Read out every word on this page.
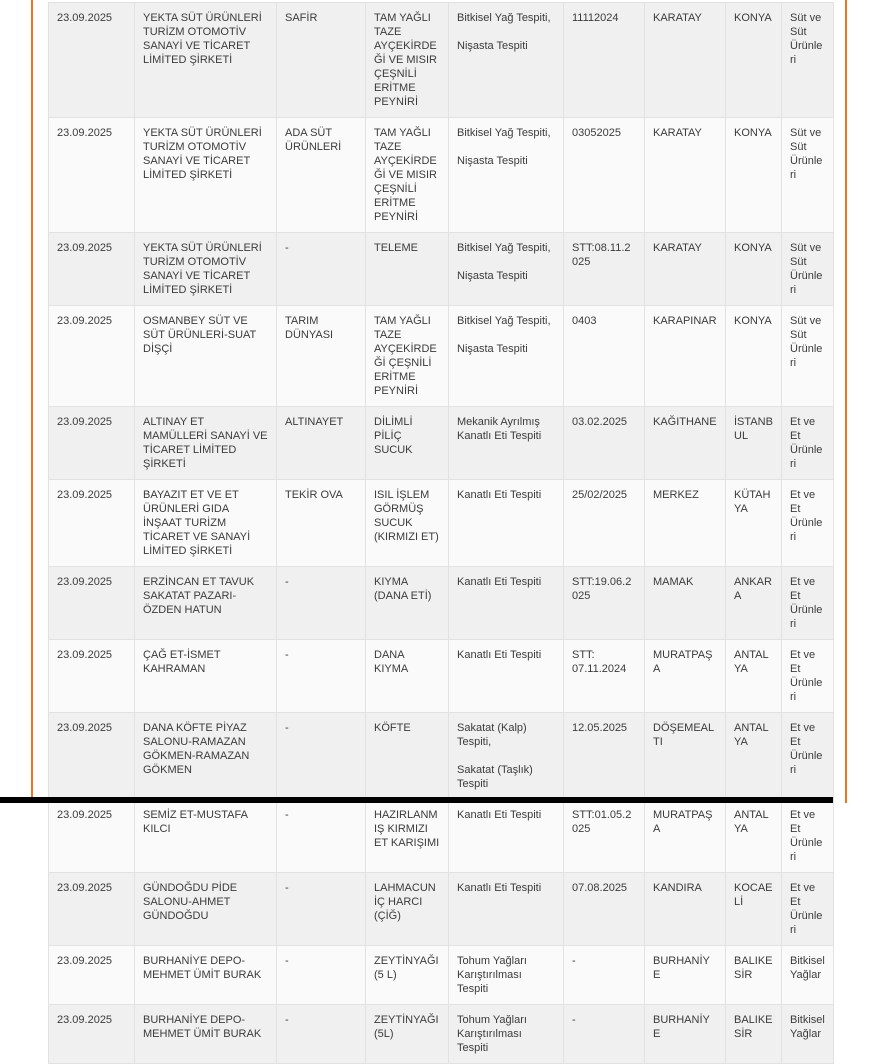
23.09.2025	YEKTA SÜT ÜRÜNLERİ TURİZM OTOMOTİV SANAYİ VE TİCARET LİMİTED ŞİRKETİ	SAFİR	TAM YAĞLI TAZE AYÇEKİRDEĞİ VE MISIR ÇEŞNİLİ ERİTME PEYNİRİ	Bitkisel Yağ Tespiti,

Nişasta Tespiti	11112024	KARATAY	KONYA	Süt ve Süt Ürünleri
23.09.2025	YEKTA SÜT ÜRÜNLERİ TURİZM OTOMOTİV SANAYİ VE TİCARET LİMİTED ŞİRKETİ	ADA SÜT ÜRÜNLERİ	TAM YAĞLI TAZE AYÇEKİRDEĞİ VE MISIR ÇEŞNİLİ ERİTME PEYNİRİ	Bitkisel Yağ Tespiti,

Nişasta Tespiti	03052025	KARATAY	KONYA	Süt ve Süt Ürünleri
23.09.2025	YEKTA SÜT ÜRÜNLERİ TURİZM OTOMOTİV SANAYİ VE TİCARET LİMİTED ŞİRKETİ	-	TELEME	Bitkisel Yağ Tespiti,

Nişasta Tespiti	STT:08.11.2025	KARATAY	KONYA	Süt ve Süt Ürünleri
23.09.2025	OSMANBEY SÜT VE SÜT ÜRÜNLERİ-SUAT DİŞÇİ	TARIM DÜNYASI	TAM YAĞLI TAZE AYÇEKİRDEĞİ ÇEŞNİLİ ERİTME PEYNİRİ	Bitkisel Yağ Tespiti,

Nişasta Tespiti	0403	KARAPINAR	KONYA	Süt ve Süt Ürünleri
23.09.2025	ALTINAY ET MAMÜLLERİ SANAYİ VE TİCARET LİMİTED ŞİRKETİ	ALTINAYET	DİLİMLİ PİLİÇ SUCUK	Mekanik Ayrılmış Kanatlı Eti Tespiti	03.02.2025	KAĞITHANE	İSTANBUL	Et ve Et Ürünleri
23.09.2025	BAYAZIT ET VE ET ÜRÜNLERİ GIDA İNŞAAT TURİZM TİCARET VE SANAYİ LİMİTED ŞİRKETİ	TEKİR OVA	ISIL İŞLEM GÖRMÜŞ SUCUK (KIRMIZI ET)	Kanatlı Eti Tespiti	25/02/2025	MERKEZ	KÜTAHYA	Et ve Et Ürünleri
23.09.2025	ERZİNCAN ET TAVUK SAKATAT PAZARI-ÖZDEN HATUN	-	KIYMA (DANA ETİ)	Kanatlı Eti Tespiti	STT:19.06.2025	MAMAK	ANKARA	Et ve Et Ürünleri
23.09.2025	ÇAĞ ET-İSMET KAHRAMAN	-	DANA KIYMA	Kanatlı Eti Tespiti	STT: 07.11.2024	MURATPAŞA	ANTALYA	Et ve Et Ürünleri
23.09.2025	DANA KÖFTE PİYAZ SALONU-RAMAZAN GÖKMEN-RAMAZAN GÖKMEN	-	KÖFTE	Sakatat (Kalp) Tespiti,

Sakatat (Taşlık) Tespiti	12.05.2025	DÖŞEMEALTI	ANTALYA	Et ve Et Ürünleri
23.09.2025	SEMİZ ET-MUSTAFA KILCI	-	HAZIRLANMIŞ KIRMIZI ET KARIŞIMI	Kanatlı Eti Tespiti	STT:01.05.2025	MURATPAŞA	ANTALYA	Et ve Et Ürünleri
23.09.2025	GÜNDOĞDU PİDE SALONU-AHMET GÜNDOĞDU	-	LAHMACUN İÇ HARCI (ÇİĞ)	Kanatlı Eti Tespiti	07.08.2025	KANDIRA	KOCAELİ	Et ve Et Ürünleri
23.09.2025	BURHANİYE DEPO-MEHMET ÜMİT BURAK	-	ZEYTİNYAĞI (5 L)	Tohum Yağları Karıştırılması Tespiti	-	BURHANİYE	BALIKESİR	Bitkisel Yağlar
23.09.2025	BURHANİYE DEPO-MEHMET ÜMİT BURAK	-	ZEYTİNYAĞI (5L)	Tohum Yağları Karıştırılması Tespiti	-	BURHANİYE	BALIKESİR	Bitkisel Yağlar
